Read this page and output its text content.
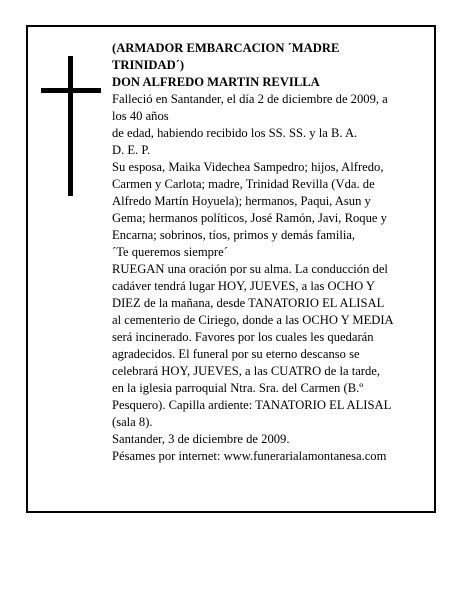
(ARMADOR EMBARCACION ´MADRE
TRINIDAD´)
DON ALFREDO MARTIN REVILLA
Falleció en Santander, el día 2 de diciembre de 2009, a
los 40 años
de edad, habiendo recibido los SS. SS. y la B. A.
D. E. P.
Su esposa, Maika Videchea Sampedro; hijos, Alfredo,
Carmen y Carlota; madre, Trinidad Revilla (Vda. de
Alfredo Martín Hoyuela); hermanos, Paqui, Asun y
Gema; hermanos políticos, José Ramón, Javi, Roque y
Encarna; sobrinos, tíos, primos y demás familia,
´Te queremos siempre´
RUEGAN una oración por su alma. La conducción del
cadáver tendrá lugar HOY, JUEVES, a las OCHO Y
DIEZ de la mañana, desde TANATORIO EL ALISAL
al cementerio de Ciriego, donde a las OCHO Y MEDIA
será incinerado. Favores por los cuales les quedarán
agradecidos. El funeral por su eterno descanso se
celebrará HOY, JUEVES, a las CUATRO de la tarde,
en la iglesia parroquial Ntra. Sra. del Carmen (B.º
Pesquero). Capilla ardiente: TANATORIO EL ALISAL
(sala 8).
Santander, 3 de diciembre de 2009.
Pésames por internet: www.funerarialamontanesa.com
